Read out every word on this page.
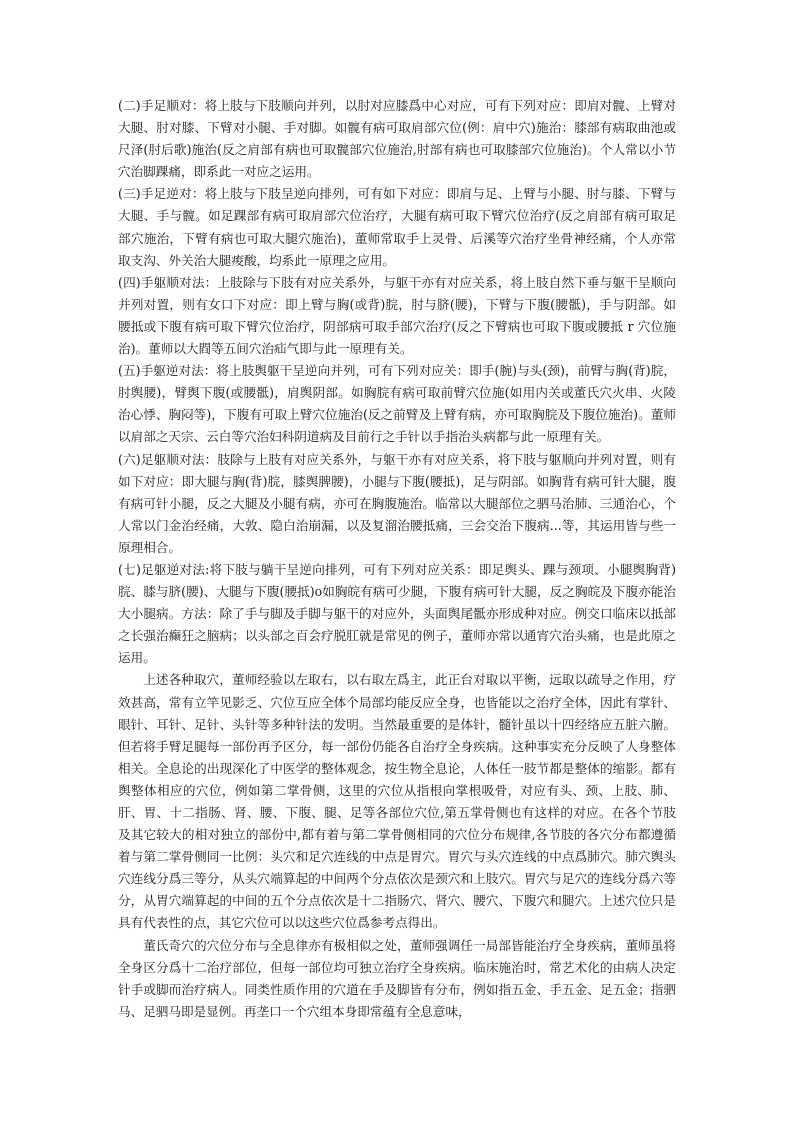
(二)手足顺对：将上肢与下肢顺向并列，以肘对应膝爲中心对应，可有下列对应：即肩对髋、上臂对大腿、肘对膝、下臂对小腿、手对脚。如髋有病可取肩部穴位(例：肩中穴)施治：膝部有病取曲池或尺泽(肘后歌)施治(反之肩部有病也可取髋部穴位施治,肘部有病也可取膝部穴位施治)。个人常以小节穴治脚踝痛，即系此一对应之运用。

(三)手足逆对：将上肢与下肢呈逆向排列，可有如下对应：即肩与足、上臂与小腿、肘与膝、下臂与大腿、手与髋。如足踝部有病可取肩部穴位治疗，大腿有病可取下臂穴位治疗(反之肩部有病可取足部穴施治，下臂有病也可取大腿穴施治)，董师常取手上灵骨、后溪等穴治疗坐骨神经痛，个人亦常取支沟、外关治大腿痠酸，均系此一原理之应用。

(四)手躯顺对法：上肢除与下肢有对应关系外，与躯干亦有对应关系，将上肢自然下垂与躯干呈顺向并列对置，则有女口下对应：即上臂与胸(或背)脘，肘与脐(腰)，下臂与下腹(腰骶)，手与阴部。如腰抵或下腹有病可取下臂穴位治疗，阴部病可取手部穴治疗(反之下臂病也可取下腹或腰抵 r 穴位施治)。董师以大閰等五间穴治疝气即与此一原理有关。

(五)手躯逆对法：将上肢舆躯干呈逆向并列，可有下列对应关：即手(腕)与头(颈)，前臂与胸(背)脘，肘舆腰)，臂舆下腹(或腰骶)，肩舆阴部。如胸脘有病可取前臂穴位施(如用内关或董氏穴火串、火陵治心悸、胸闷等)，下腹有可取上臂穴位施治(反之前臂及上臂有病，亦可取胸脘及下腹位施治)。董师以肩部之天宗、云白等穴治妇科阴道病及目前行之手针以手指治头病都与此一原理有关。

(六)足躯顺对法：肢除与上肢有对应关系外，与躯干亦有对应关系，将下肢与躯顺向并列对置，则有如下对应：即大腿与胸(背)脘，膝舆脾腰)，小腿与下腹(腰抵)，足与阴部。如胸背有病可针大腿，腹有病可针小腿，反之大腿及小腿有病，亦可在胸腹施治。临常以大腿部位之驷马治肺、三通治心，个人常以门金治经痛，大敦、隐白治崩漏，以及复溜治腰抵痛，三会交治下腹病...等，其运用皆与些一原理相合。

(七)足躯逆对法:将下肢与躺干呈逆向排列，可有下列对应关系：即足舆头、踝与颈项、小腿舆胸背)脘、膝与脐(腰)、大腿与下腹(腰抵)o如胸皖有病可少腿，下腹有病可针大腿，反之胸皖及下腹亦能治大小腿病。方法：除了手与脚及手脚与躯干的对应外，头面舆尾骶亦形成种对应。例交口临床以抵部之长强治癫狂之脑病；以头部之百会疗脱肛就是常见的例子，董师亦常以通宵穴治头痛，也是此原之运用。

上述各种取穴，董师经验以左取右，以右取左爲主，此正台对取以平衡，远取以疏导之作用，疗效甚高，常有立竿见影乏、穴位互应全体个局部均能反应全身，也皆能以之治疗全体，因此有掌针、眼针、耳针、足针、头针等多种针法的发明。当然最重要的是体针，髓针虽以十四经络应五脏六腑。但若将手臂足腿每一部份再予区分，每一部份仍能各自治疗全身疾病。这种事实充分反映了人身整体相关。全息论的出现深化了中医学的整体观念，按生物全息论，人体任一肢节都是整体的缩影。都有舆整体相应的穴位，例如第二掌骨侧，这里的穴位从指根向掌根吸骨，对应有头、颈、上肢、肺、肝、胃、十二指肠、肾、腰、下腹、腿、足等各部位穴位,第五掌骨侧也有这样的对应。在各个节肢及其它较大的相对独立的部份中,都有着与第二掌骨侧相同的穴位分布规律,各节肢的各穴分布都遵循着与第二掌骨侧同一比例：头穴和足穴连线的中点是胃穴。胃穴与头穴连线的中点爲肺穴。肺穴舆头穴连线分爲三等分，从头穴端算起的中间两个分点依次是颈穴和上肢穴。胃穴与足穴的连线分爲六等分，从胃穴端算起的中间的五个分点依次是十二指肠穴、肾穴、腰穴、下腹穴和腿穴。上述穴位只是具有代表性的点，其它穴位可以以这些穴位爲参考点得出。

董氏奇穴的穴位分布与全息律亦有极相似之处，董师强调任一局部皆能治疗全身疾病，董师虽将全身区分爲十二治疗部位，但每一部位均可独立治疗全身疾病。临床施治时，常艺术化的由病人决定针手或脚而治疗病人。同类性质作用的穴道在手及脚皆有分布，例如指五金、手五金、足五金；指驷马、足驷马即是显例。再垄口一个穴组本身即常蕴有全息意味，
